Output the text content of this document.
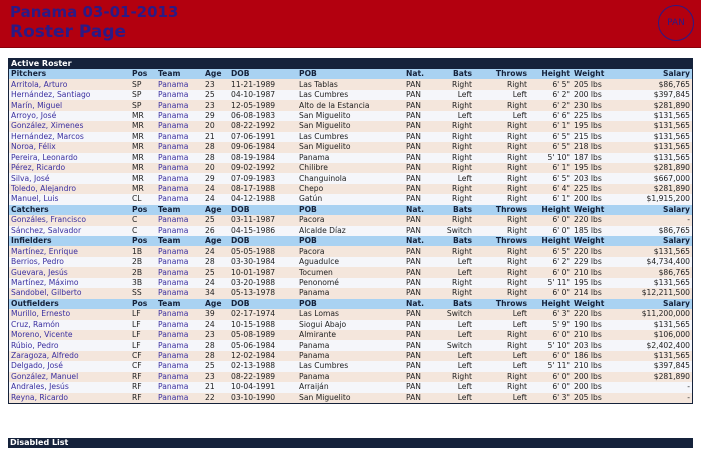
Panama 03-01-2013
Roster Page	PAN
Active Roster
Pitchers	Pos	Team	Age	DOB	POB	Nat.	Bats	Throws	Height	Weight	Salary
Arritola, Arturo	SP	Panama	23	11-21-1989	Las Tablas	PAN	Right	Right	6' 5"	205 lbs	$86,765
Hernández, Santiago	SP	Panama	25	04-10-1987	Las Cumbres	PAN	Left	Left	6' 2"	200 lbs	$397,845
Marín, Miguel	SP	Panama	23	12-05-1989	Alto de la Estancia	PAN	Right	Right	6' 2"	230 lbs	$281,890
Arroyo, José	MR	Panama	29	06-08-1983	San Miguelito	PAN	Left	Left	6' 6"	225 lbs	$131,565
González, Ximenes	MR	Panama	20	08-22-1992	San Miguelito	PAN	Right	Right	6' 1"	195 lbs	$131,565
Hernández, Marcos	MR	Panama	21	07-06-1991	Las Cumbres	PAN	Right	Right	6' 5"	215 lbs	$131,565
Noroa, Félix	MR	Panama	28	09-06-1984	San Miguelito	PAN	Right	Right	6' 5"	218 lbs	$131,565
Pereira, Leonardo	MR	Panama	28	08-19-1984	Panama	PAN	Right	Right	5' 10"	187 lbs	$131,565
Pérez, Ricardo	MR	Panama	20	09-02-1992	Chilibre	PAN	Right	Right	6' 1"	195 lbs	$281,890
Silva, José	MR	Panama	29	07-09-1983	Changuinola	PAN	Left	Right	6' 5"	203 lbs	$667,000
Toledo, Alejandro	MR	Panama	24	08-17-1988	Chepo	PAN	Right	Right	6' 4"	225 lbs	$281,890
Manuel, Luis	CL	Panama	24	04-12-1988	Gatún	PAN	Right	Right	6' 1"	200 lbs	$1,915,200
Catchers	Pos	Team	Age	DOB	POB	Nat.	Bats	Throws	Height	Weight	Salary
Gonzáles, Francisco	C	Panama	25	03-11-1987	Pacora	PAN	Right	Right	6' 0"	220 lbs	-
Sánchez, Salvador	C	Panama	26	04-15-1986	Alcalde Díaz	PAN	Switch	Right	6' 0"	185 lbs	$86,765
Infielders	Pos	Team	Age	DOB	POB	Nat.	Bats	Throws	Height	Weight	Salary
Martínez, Enrique	1B	Panama	24	05-05-1988	Pacora	PAN	Right	Right	6' 5"	220 lbs	$131,565
Berrios, Pedro	2B	Panama	28	03-30-1984	Aguadulce	PAN	Left	Right	6' 2"	229 lbs	$4,734,400
Guevara, Jesús	2B	Panama	25	10-01-1987	Tocumen	PAN	Left	Right	6' 0"	210 lbs	$86,765
Martínez, Máximo	3B	Panama	24	03-20-1988	Penonomé	PAN	Right	Right	5' 11"	195 lbs	$131,565
Sandobel, Gilberto	SS	Panama	34	05-13-1978	Panama	PAN	Right	Right	6' 0"	214 lbs	$12,211,500
Outfielders	Pos	Team	Age	DOB	POB	Nat.	Bats	Throws	Height	Weight	Salary
Murillo, Ernesto	LF	Panama	39	02-17-1974	Las Lomas	PAN	Switch	Left	6' 3"	220 lbs	$11,200,000
Cruz, Ramón	LF	Panama	24	10-15-1988	Siogui Abajo	PAN	Left	Left	5' 9"	190 lbs	$131,565
Moreno, Vicente	LF	Panama	23	05-08-1989	Almirante	PAN	Left	Right	6' 0"	210 lbs	$106,000
Rúbio, Pedro	LF	Panama	28	05-06-1984	Panama	PAN	Switch	Right	5' 10"	203 lbs	$2,402,400
Zaragoza, Alfredo	CF	Panama	28	12-02-1984	Panama	PAN	Left	Left	6' 0"	186 lbs	$131,565
Delgado, José	CF	Panama	25	02-13-1988	Las Cumbres	PAN	Left	Left	5' 11"	210 lbs	$397,845
González, Manuel	RF	Panama	23	08-22-1989	Panama	PAN	Right	Right	6' 0"	200 lbs	$281,890
Andrales, Jesús	RF	Panama	21	10-04-1991	Arraiján	PAN	Left	Right	6' 0"	200 lbs	-
Reyna, Ricardo	RF	Panama	22	03-10-1990	San Miguelito	PAN	Left	Left	6' 3"	205 lbs	-
Disabled List
